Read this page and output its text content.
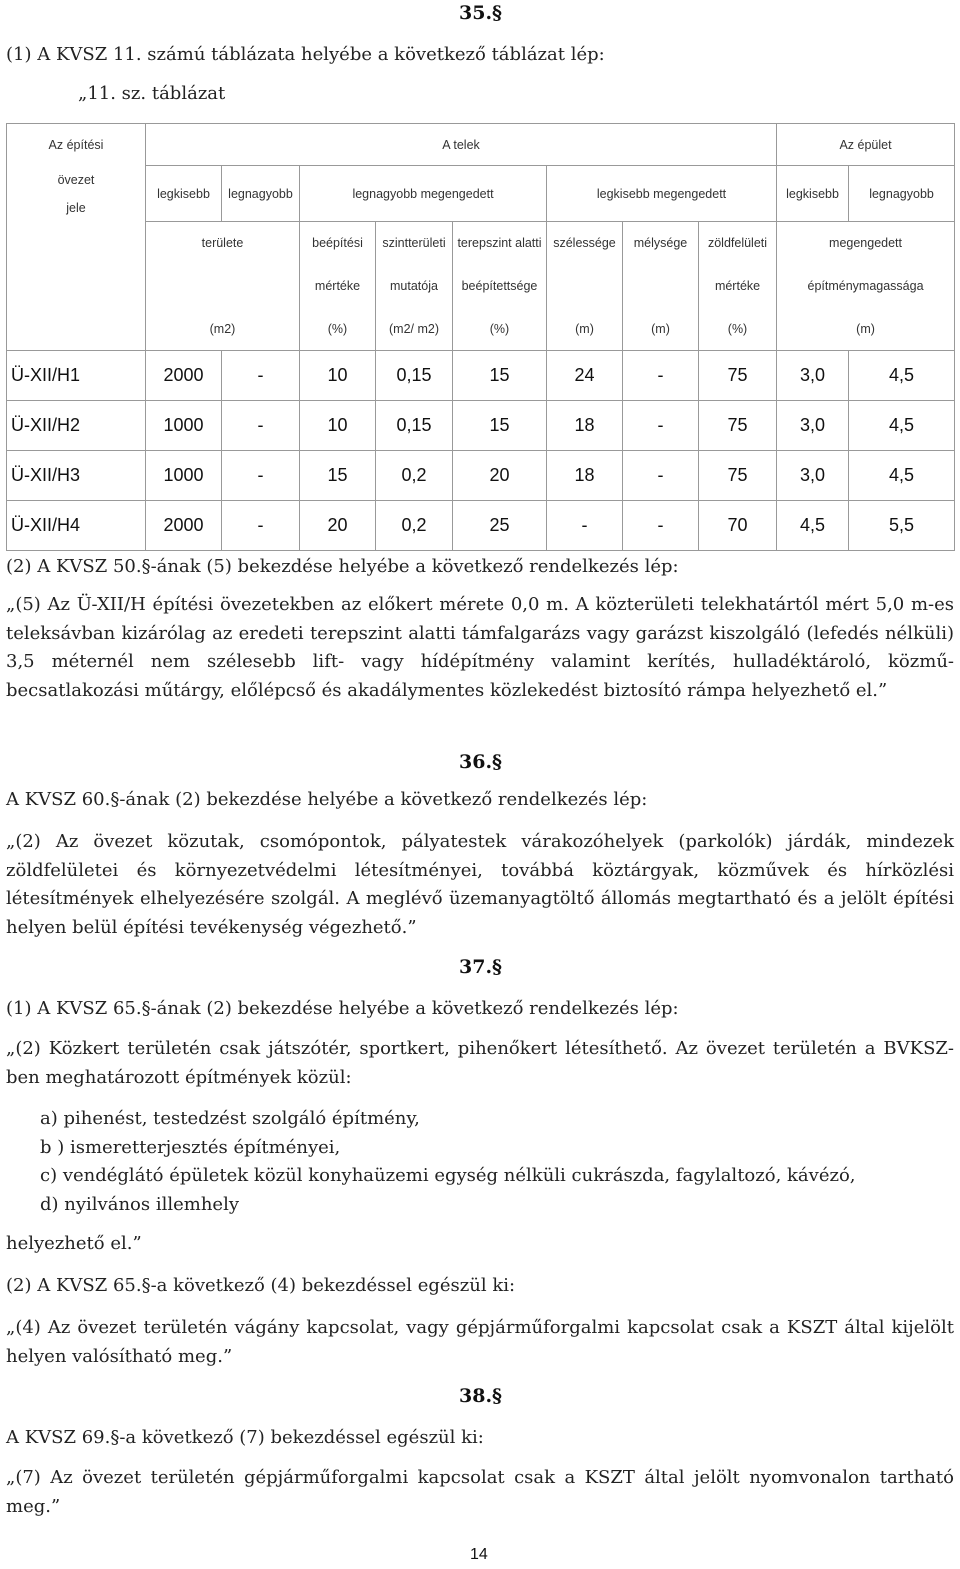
35.§
(1) A KVSZ 11. számú táblázata helyébe a következő táblázat lép:
„11. sz. táblázat
Az építési	A telek								Az épület	
övezet
jele	legkisebb	legnagyobb	legnagyobb megengedett			legkisebb megengedett			legkisebb	legnagyobb
	területe		beépítési	szintterületi	terepszint alatti	szélessége	mélysége	zöldfelületi	megengedett	
			mértéke	mutatója	beépítettsége			mértéke	építménymagassága	
	(m2)		(%)	(m2/ m2)	(%)	(m)	(m)	(%)	(m)	
Ü-XII/H1	2000	-	10	0,15	15	24	-	75	3,0	4,5
Ü-XII/H2	1000	-	10	0,15	15	18	-	75	3,0	4,5
Ü-XII/H3	1000	-	15	0,2	20	18	-	75	3,0	4,5
Ü-XII/H4	2000	-	20	0,2	25	-	-	70	4,5	5,5
(2) A KVSZ 50.§-ának (5) bekezdése helyébe a következő rendelkezés lép:
„(5) Az Ü-XII/H építési övezetekben az előkert mérete 0,0 m. A közterületi telekhatártól mért 5,0 m-es teleksávban kizárólag az eredeti terepszint alatti támfalgarázs vagy garázst kiszolgáló (lefedés nélküli) 3,5 méternél nem szélesebb lift- vagy hídépítmény valamint kerítés, hulladéktároló, közmű-becsatlakozási műtárgy, előlépcső és akadálymentes közlekedést biztosító rámpa helyezhető el.”
36.§
A KVSZ 60.§-ának (2) bekezdése helyébe a következő rendelkezés lép:
„(2) Az övezet közutak, csomópontok, pályatestek várakozóhelyek (parkolók) járdák, mindezek zöldfelületei és környezetvédelmi létesítményei, továbbá köztárgyak, közművek és hírközlési létesítmények elhelyezésére szolgál. A meglévő üzemanyagtöltő állomás megtartható és a jelölt építési helyen belül építési tevékenység végezhető.”
37.§
(1) A KVSZ 65.§-ának (2) bekezdése helyébe a következő rendelkezés lép:
„(2) Közkert területén csak játszótér, sportkert, pihenőkert létesíthető. Az övezet területén a BVKSZ-ben meghatározott építmények közül:
a) pihenést, testedzést szolgáló építmény,
b ) ismeretterjesztés építményei,
c) vendéglátó épületek közül konyhaüzemi egység nélküli cukrászda, fagylaltozó, kávézó,
d) nyilvános illemhely
helyezhető el.”
(2) A KVSZ 65.§-a következő (4) bekezdéssel egészül ki:
„(4) Az övezet területén vágány kapcsolat, vagy gépjárműforgalmi kapcsolat csak a KSZT által kijelölt helyen valósítható meg.”
38.§
A KVSZ 69.§-a következő (7) bekezdéssel egészül ki:
„(7) Az övezet területén gépjárműforgalmi kapcsolat csak a KSZT által jelölt nyomvonalon tartható meg.”
14
